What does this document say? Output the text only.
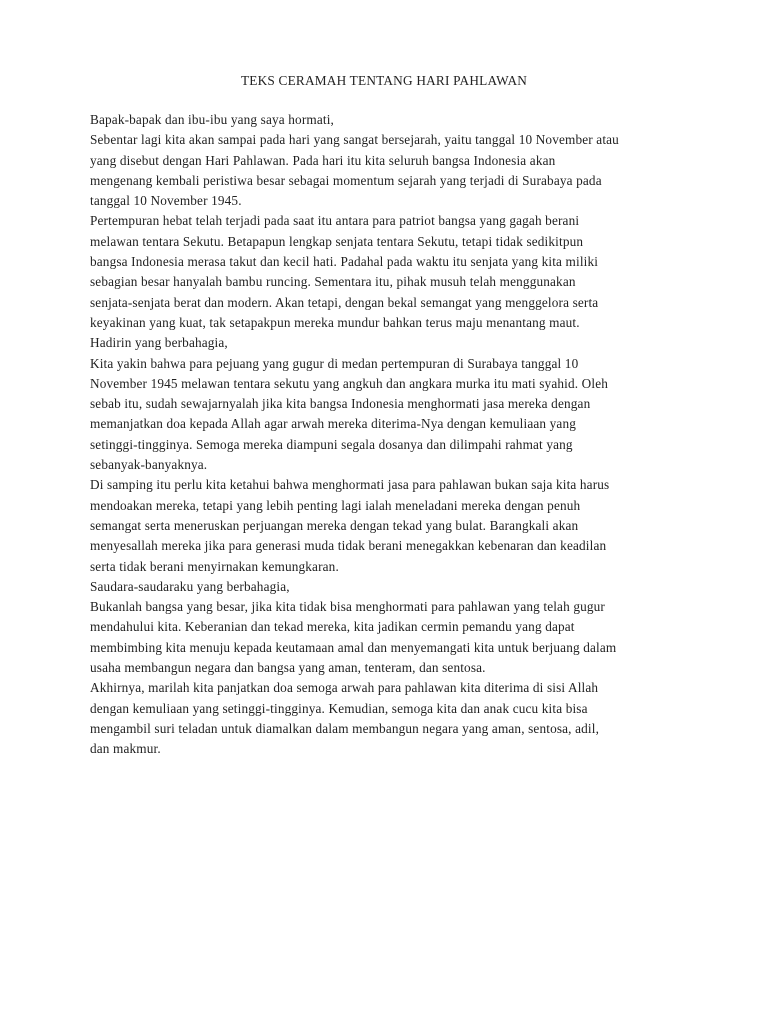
TEKS CERAMAH TENTANG HARI PAHLAWAN
Bapak-bapak dan ibu-ibu yang saya hormati,
Sebentar lagi kita akan sampai pada hari yang sangat bersejarah, yaitu tanggal 10 November atau
yang disebut dengan Hari Pahlawan. Pada hari itu kita seluruh bangsa Indonesia akan
mengenang kembali peristiwa besar sebagai momentum sejarah yang terjadi di Surabaya pada
tanggal 10 November 1945.
Pertempuran hebat telah terjadi pada saat itu antara para patriot bangsa yang gagah berani
melawan tentara Sekutu. Betapapun lengkap senjata tentara Sekutu, tetapi tidak sedikitpun
bangsa Indonesia merasa takut dan kecil hati. Padahal pada waktu itu senjata yang kita miliki
sebagian besar hanyalah bambu runcing. Sementara itu, pihak musuh telah menggunakan
senjata-senjata berat dan modern. Akan tetapi, dengan bekal semangat yang menggelora serta
keyakinan yang kuat, tak setapakpun mereka mundur bahkan terus maju menantang maut.
Hadirin yang berbahagia,
Kita yakin bahwa para pejuang yang gugur di medan pertempuran di Surabaya tanggal 10
November 1945 melawan tentara sekutu yang angkuh dan angkara murka itu mati syahid. Oleh
sebab itu, sudah sewajarnyalah jika kita bangsa Indonesia menghormati jasa mereka dengan
memanjatkan doa kepada Allah agar arwah mereka diterima-Nya dengan kemuliaan yang
setinggi-tingginya. Semoga mereka diampuni segala dosanya dan dilimpahi rahmat yang
sebanyak-banyaknya.
Di samping itu perlu kita ketahui bahwa menghormati jasa para pahlawan bukan saja kita harus
mendoakan mereka, tetapi yang lebih penting lagi ialah meneladani mereka dengan penuh
semangat serta meneruskan perjuangan mereka dengan tekad yang bulat. Barangkali akan
menyesallah mereka jika para generasi muda tidak berani menegakkan kebenaran dan keadilan
serta tidak berani menyirnakan kemungkaran.
Saudara-saudaraku yang berbahagia,
Bukanlah bangsa yang besar, jika kita tidak bisa menghormati para pahlawan yang telah gugur
mendahului kita. Keberanian dan tekad mereka, kita jadikan cermin pemandu yang dapat
membimbing kita menuju kepada keutamaan amal dan menyemangati kita untuk berjuang dalam
usaha membangun negara dan bangsa yang aman, tenteram, dan sentosa.
Akhirnya, marilah kita panjatkan doa semoga arwah para pahlawan kita diterima di sisi Allah
dengan kemuliaan yang setinggi-tingginya. Kemudian, semoga kita dan anak cucu kita bisa
mengambil suri teladan untuk diamalkan dalam membangun negara yang aman, sentosa, adil,
dan makmur.
